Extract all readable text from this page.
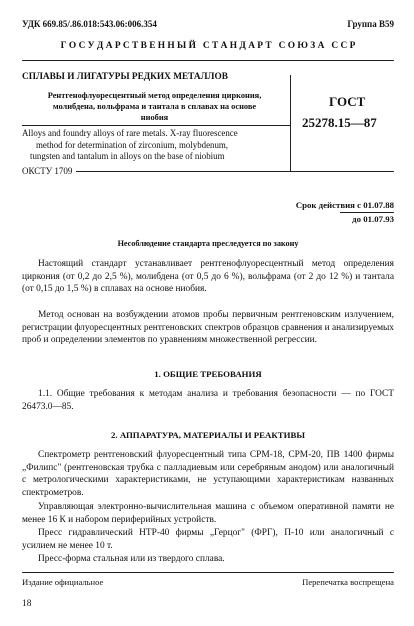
УДК 669.85/.86.018:543.06:006.354	Группа В59
Г О С У Д А Р С Т В Е Н Н Ы Й   С Т А Н Д А Р Т   С О Ю З А   С С Р
СПЛАВЫ И ЛИГАТУРЫ РЕДКИХ МЕТАЛЛОВ
Рентгенофлуоресцентный метод определения циркония,
молибдена, вольфрама и тантала в сплавах на основе
ниобия
Alloys and foundry alloys of rare metals. X-ray fluorescence
method for determination of zirconium, molybdenum,
tungsten and tantalum in alloys on the base of niobium
ГОСТ
25278.15—87
ОКСТУ 1709
Срок действия с 01.07.88
до 01.07.93
Несоблюдение стандарта преследуется по закону
Настоящий стандарт устанавливает рентгенофлуоресцентный метод определения циркония (от 0,2 до 2,5 %), молибдена (от 0,5 до 6 %), вольфрама (от 2 до 12 %) и тантала (от 0,15 до 1,5 %) в сплавах на основе ниобия.
Метод основан на возбуждении атомов пробы первичным рентгеновским излучением, регистрации флуоресцентных рентгеновских спектров образцов сравнения и анализируемых проб и определении элементов по уравнениям множественной регрессии.
1. ОБЩИЕ ТРЕБОВАНИЯ
1.1. Общие требования к методам анализа и требования безопасности — по ГОСТ 26473.0—85.
2. АППАРАТУРА, МАТЕРИАЛЫ И РЕАКТИВЫ
Спектрометр рентгеновский флуоресцентный типа СРМ-18, СРМ-20, ПВ 1400 фирмы „Филипс" (рентгеновская трубка с палладиевым или серебряным анодом) или аналогичный с метрологическими характеристиками, не уступающими характеристикам названных спектрометров.
Управляющая электронно-вычислительная машина с объемом оперативной памяти не менее 16 К и набором периферийных устройств.
Пресс гидравлический НТР-40 фирмы „Герцог" (ФРГ), П-10 или аналогичный с усилием не менее 10 т.
Пресс-форма стальная или из твердого сплава.
Издание официальное	Перепечатка воспрещена
18
